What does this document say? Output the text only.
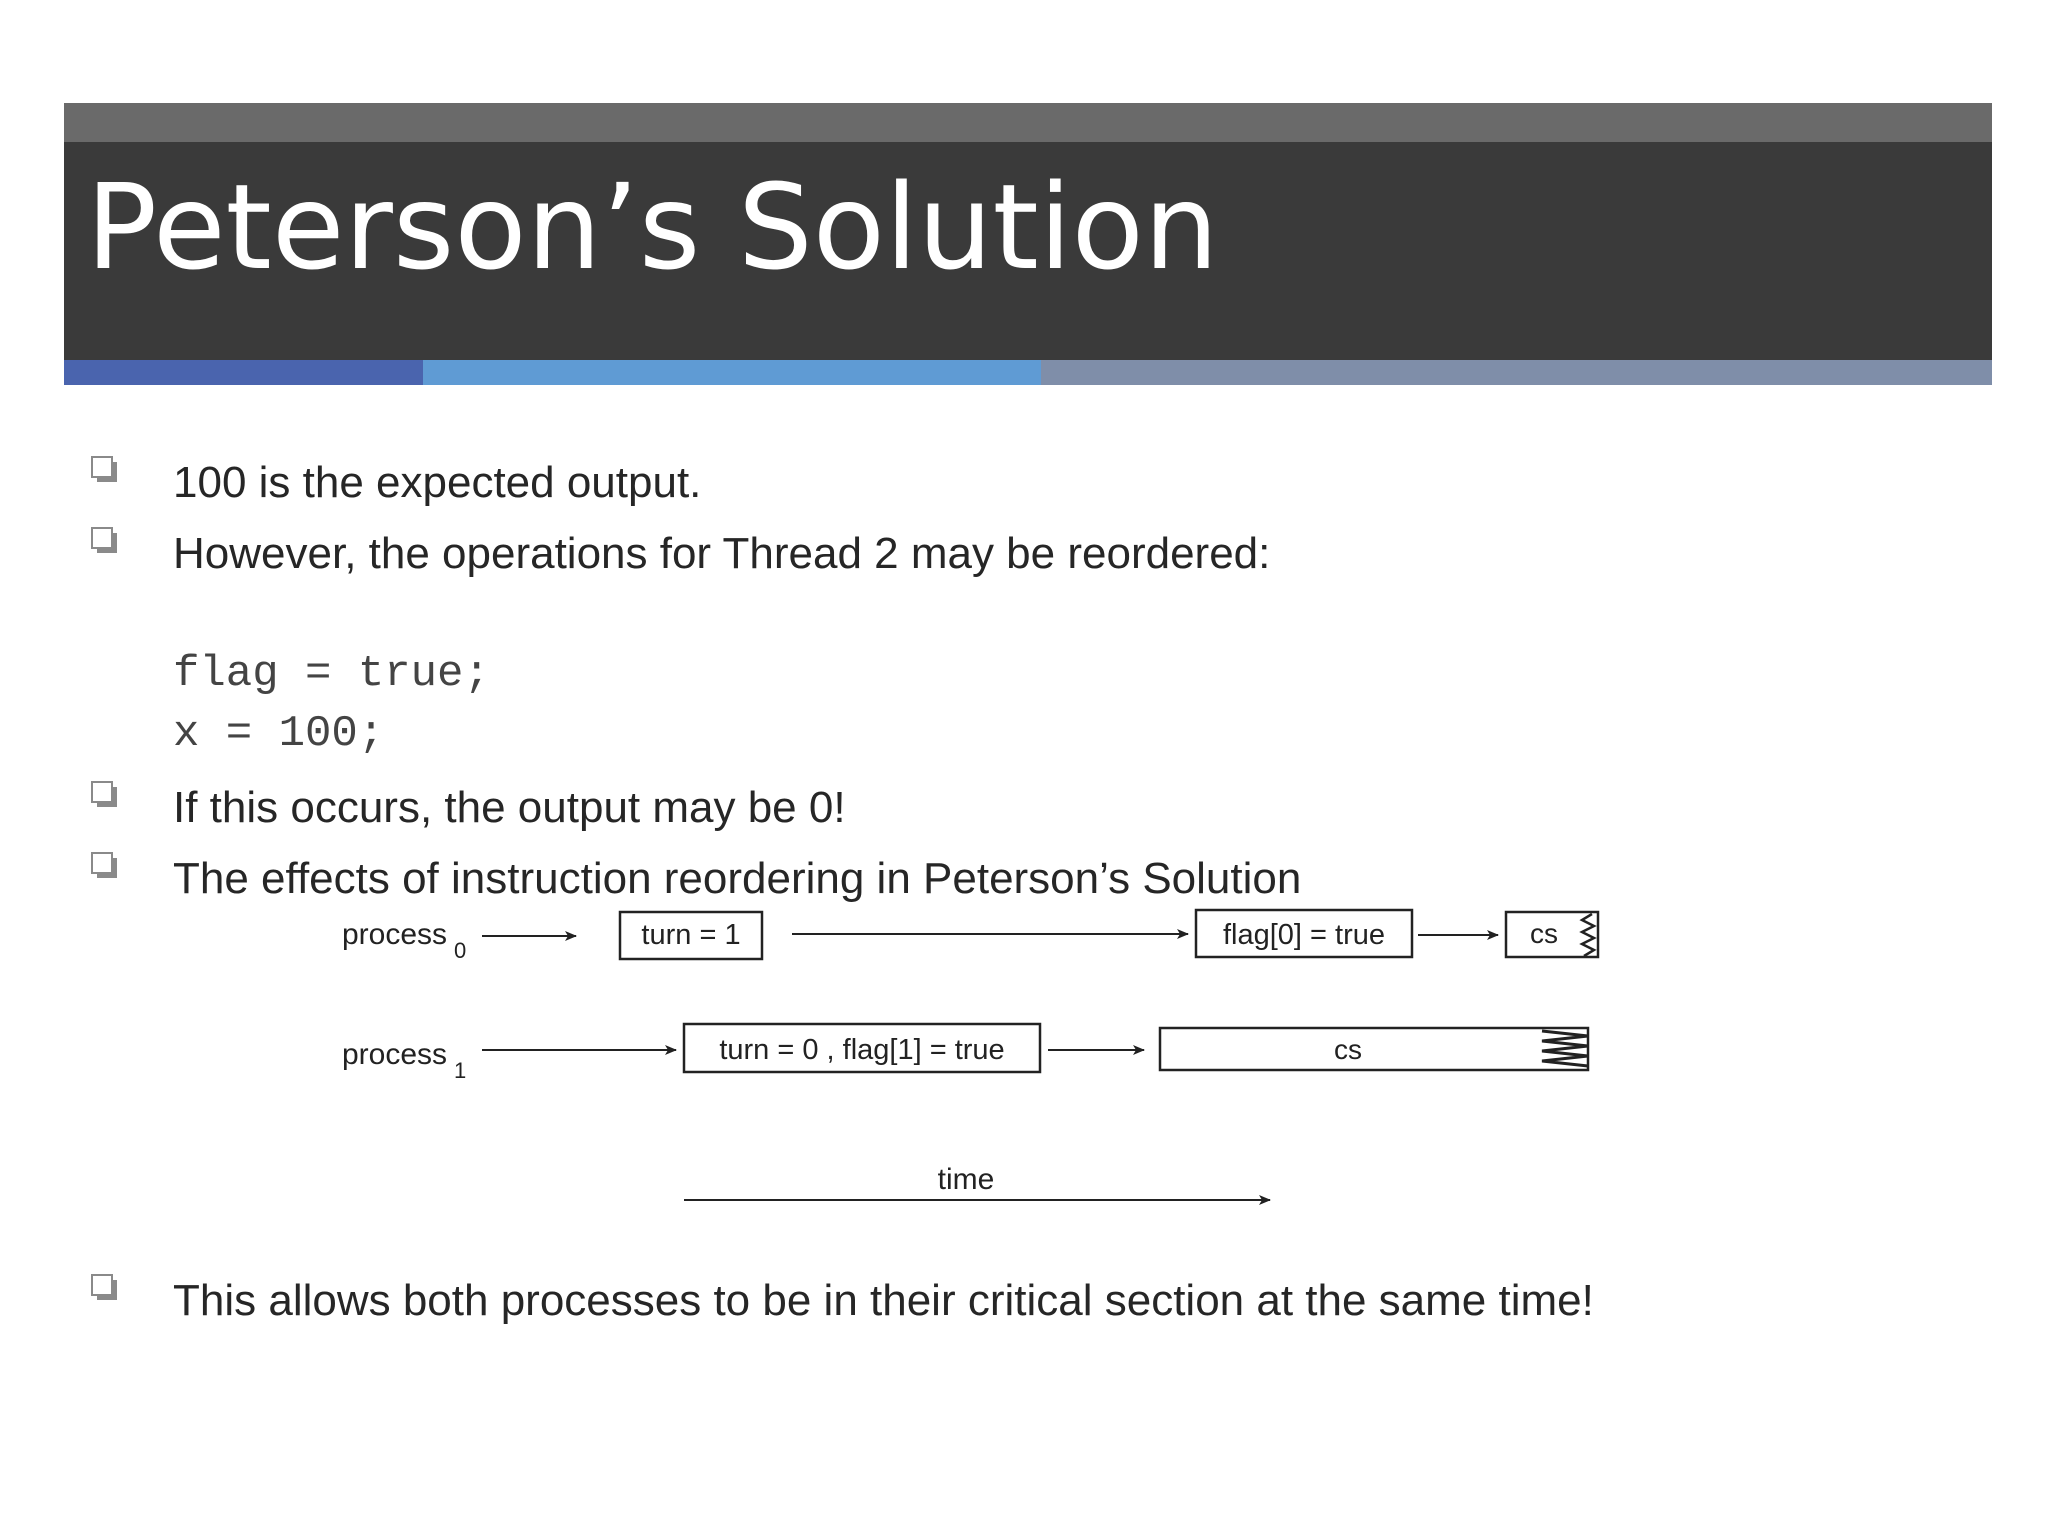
Peterson’s Solution

100 is the expected output.

However, the operations for Thread 2 may be reordered:

flag = true;

x = 100;

If this occurs, the output may be 0!

The effects of instruction reordering in Peterson’s Solution

process 0	turn = 1	flag[0] = true	cs
process 1
turn = 0 , flag[1] = true	cs
time

This allows both processes to be in their critical section at the same time!
